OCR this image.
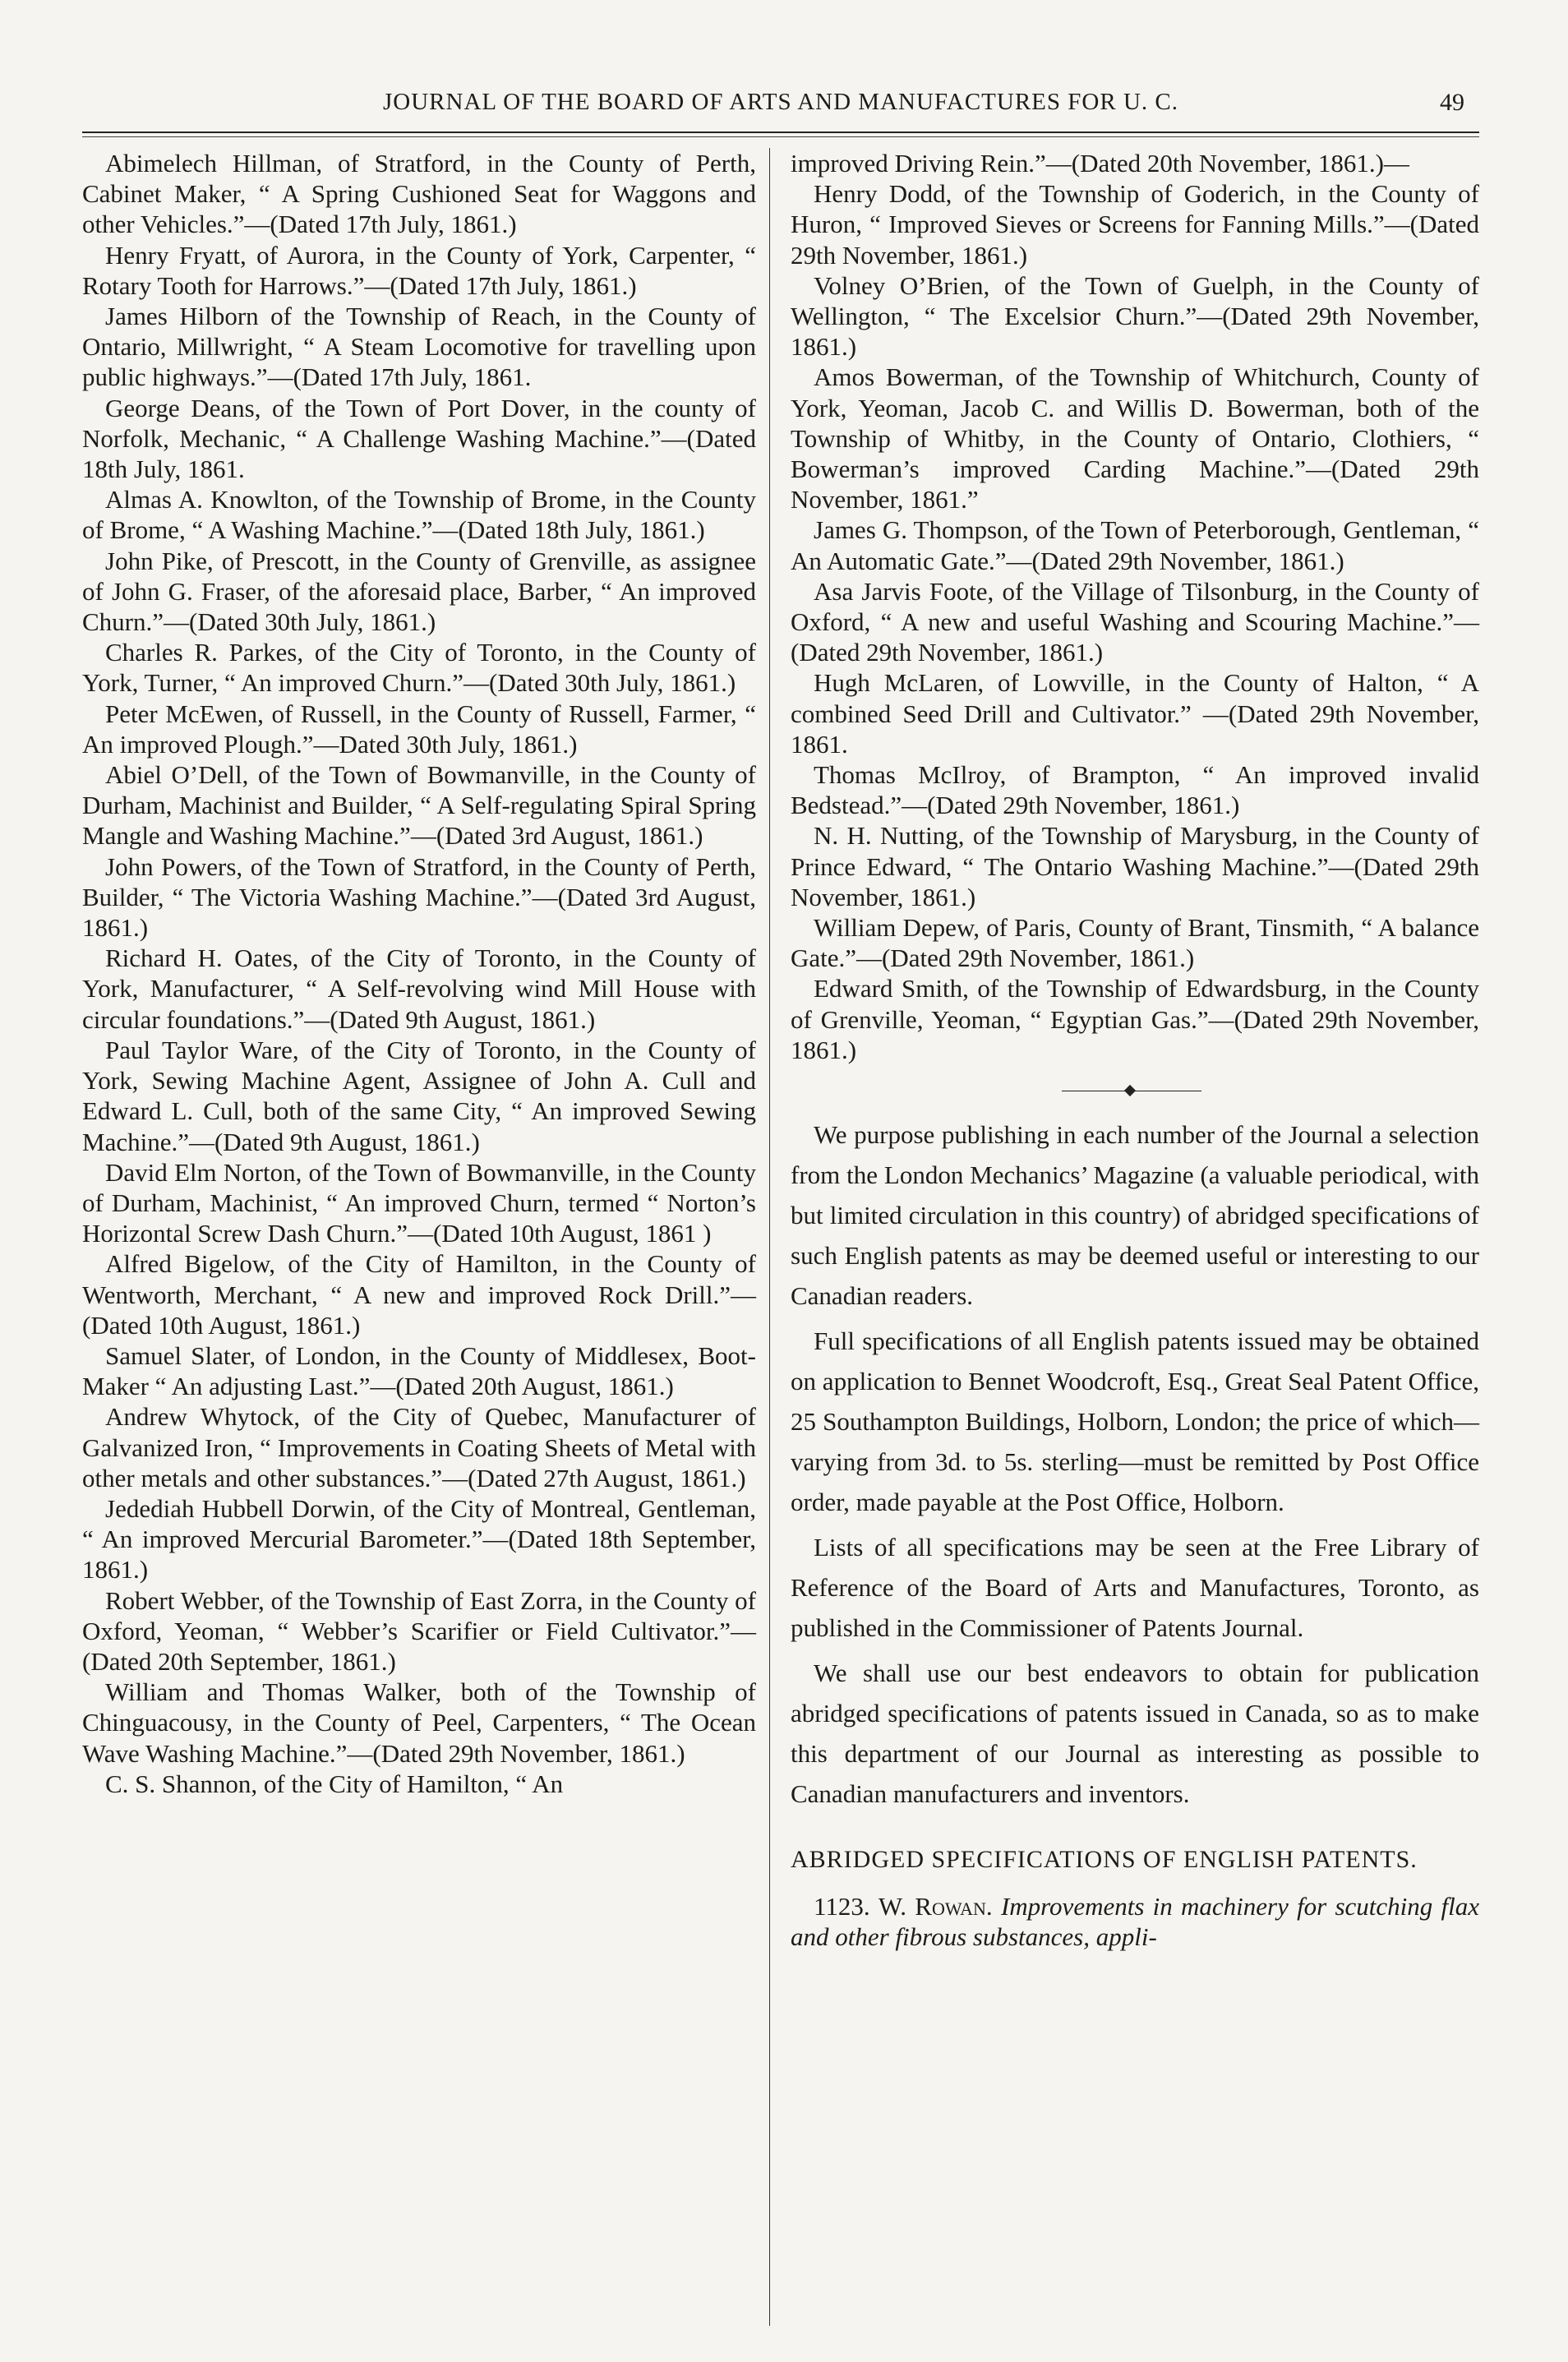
JOURNAL OF THE BOARD OF ARTS AND MANUFACTURES FOR U. C.	49

Abimelech Hillman, of Stratford, in the County of Perth, Cabinet Maker, “ A Spring Cushioned Seat for Waggons and other Vehicles.”—(Dated 17th July, 1861.)

Henry Fryatt, of Aurora, in the County of York, Carpenter, “ Rotary Tooth for Harrows.”—(Dated 17th July, 1861.)

James Hilborn of the Township of Reach, in the County of Ontario, Millwright, “ A Steam Locomotive for travelling upon public highways.”—(Dated 17th July, 1861.

George Deans, of the Town of Port Dover, in the county of Norfolk, Mechanic, “ A Challenge Washing Machine.”—(Dated 18th July, 1861.

Almas A. Knowlton, of the Township of Brome, in the County of Brome, “ A Washing Machine.”—(Dated 18th July, 1861.)

John Pike, of Prescott, in the County of Grenville, as assignee of John G. Fraser, of the aforesaid place, Barber, “ An improved Churn.”—(Dated 30th July, 1861.)

Charles R. Parkes, of the City of Toronto, in the County of York, Turner, “ An improved Churn.”—(Dated 30th July, 1861.)

Peter McEwen, of Russell, in the County of Russell, Farmer, “ An improved Plough.”—Dated 30th July, 1861.)

Abiel O’Dell, of the Town of Bowmanville, in the County of Durham, Machinist and Builder, “ A Self-regulating Spiral Spring Mangle and Washing Machine.”—(Dated 3rd August, 1861.)

John Powers, of the Town of Stratford, in the County of Perth, Builder, “ The Victoria Washing Machine.”—(Dated 3rd August, 1861.)

Richard H. Oates, of the City of Toronto, in the County of York, Manufacturer, “ A Self-revolving wind Mill House with circular foundations.”—(Dated 9th August, 1861.)

Paul Taylor Ware, of the City of Toronto, in the County of York, Sewing Machine Agent, Assignee of John A. Cull and Edward L. Cull, both of the same City, “ An improved Sewing Machine.”—(Dated 9th August, 1861.)

David Elm Norton, of the Town of Bowmanville, in the County of Durham, Machinist, “ An improved Churn, termed “ Norton’s Horizontal Screw Dash Churn.”—(Dated 10th August, 1861 )

Alfred Bigelow, of the City of Hamilton, in the County of Wentworth, Merchant, “ A new and improved Rock Drill.”—(Dated 10th August, 1861.)

Samuel Slater, of London, in the County of Middlesex, Boot-Maker “ An adjusting Last.”—(Dated 20th August, 1861.)

Andrew Whytock, of the City of Quebec, Manufacturer of Galvanized Iron, “ Improvements in Coating Sheets of Metal with other metals and other substances.”—(Dated 27th August, 1861.)

Jedediah Hubbell Dorwin, of the City of Montreal, Gentleman, “ An improved Mercurial Barometer.”—(Dated 18th September, 1861.)

Robert Webber, of the Township of East Zorra, in the County of Oxford, Yeoman, “ Webber’s Scarifier or Field Cultivator.”—(Dated 20th September, 1861.)

William and Thomas Walker, both of the Township of Chinguacousy, in the County of Peel, Carpenters, “ The Ocean Wave Washing Machine.”—(Dated 29th November, 1861.)

C. S. Shannon, of the City of Hamilton, “ An

improved Driving Rein.”—(Dated 20th November, 1861.)—

Henry Dodd, of the Township of Goderich, in the County of Huron, “ Improved Sieves or Screens for Fanning Mills.”—(Dated 29th November, 1861.)

Volney O’Brien, of the Town of Guelph, in the County of Wellington, “ The Excelsior Churn.”—(Dated 29th November, 1861.)

Amos Bowerman, of the Township of Whitchurch, County of York, Yeoman, Jacob C. and Willis D. Bowerman, both of the Township of Whitby, in the County of Ontario, Clothiers, “ Bowerman’s improved Carding Machine.”—(Dated 29th November, 1861.”

James G. Thompson, of the Town of Peterborough, Gentleman, “ An Automatic Gate.”—(Dated 29th November, 1861.)

Asa Jarvis Foote, of the Village of Tilsonburg, in the County of Oxford, “ A new and useful Washing and Scouring Machine.”—(Dated 29th November, 1861.)

Hugh McLaren, of Lowville, in the County of Halton, “ A combined Seed Drill and Cultivator.” —(Dated 29th November, 1861.

Thomas McIlroy, of Brampton, “ An improved invalid Bedstead.”—(Dated 29th November, 1861.)

N. H. Nutting, of the Township of Marysburg, in the County of Prince Edward, “ The Ontario Washing Machine.”—(Dated 29th November, 1861.)

William Depew, of Paris, County of Brant, Tinsmith, “ A balance Gate.”—(Dated 29th November, 1861.)

Edward Smith, of the Township of Edwardsburg, in the County of Grenville, Yeoman, “ Egyptian Gas.”—(Dated 29th November, 1861.)

We purpose publishing in each number of the Journal a selection from the London Mechanics’ Magazine (a valuable periodical, with but limited circulation in this country) of abridged specifications of such English patents as may be deemed useful or interesting to our Canadian readers.

Full specifications of all English patents issued may be obtained on application to Bennet Woodcroft, Esq., Great Seal Patent Office, 25 Southampton Buildings, Holborn, London; the price of which—varying from 3d. to 5s. sterling—must be remitted by Post Office order, made payable at the Post Office, Holborn.

Lists of all specifications may be seen at the Free Library of Reference of the Board of Arts and Manufactures, Toronto, as published in the Commissioner of Patents Journal.

We shall use our best endeavors to obtain for publication abridged specifications of patents issued in Canada, so as to make this department of our Journal as interesting as possible to Canadian manufacturers and inventors.

ABRIDGED SPECIFICATIONS OF ENGLISH PATENTS.

1123. W. Rowan. Improvements in machinery for scutching flax and other fibrous substances, appli-
